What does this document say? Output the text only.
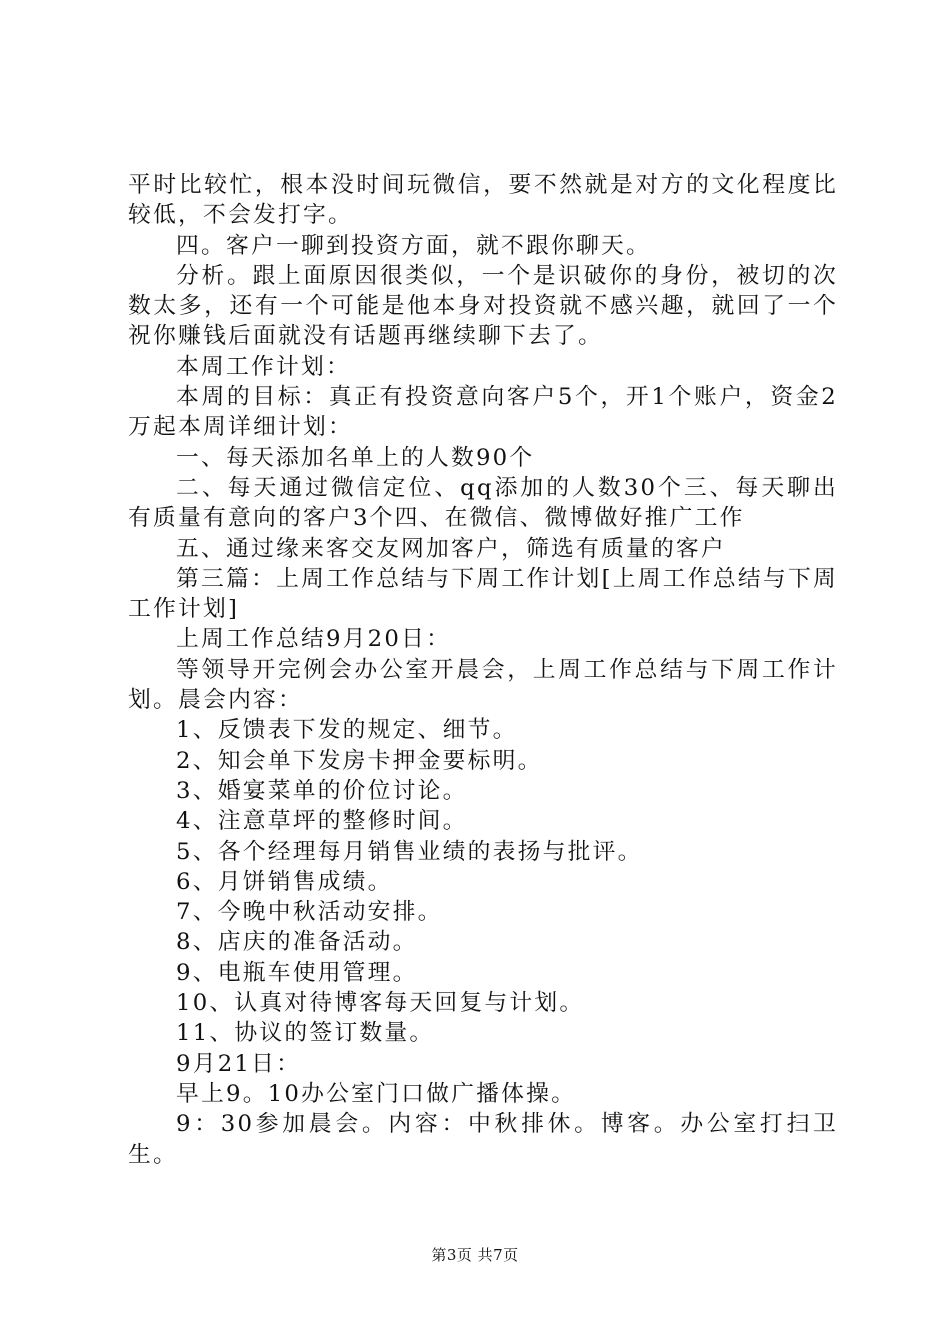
平时比较忙，根本没时间玩微信，要不然就是对方的文化程度比较低，不会发打字。

四。客户一聊到投资方面，就不跟你聊天。

分析。跟上面原因很类似，一个是识破你的身份，被切的次数太多，还有一个可能是他本身对投资就不感兴趣，就回了一个祝你赚钱后面就没有话题再继续聊下去了。

本周工作计划：

本周的目标：真正有投资意向客户5个，开1个账户，资金2万起本周详细计划：

一、每天添加名单上的人数90个

二、每天通过微信定位、qq添加的人数30个三、每天聊出有质量有意向的客户3个四、在微信、微博做好推广工作

五、通过缘来客交友网加客户，筛选有质量的客户

第三篇：上周工作总结与下周工作计划[上周工作总结与下周工作计划]

上周工作总结9月20日：

等领导开完例会办公室开晨会，上周工作总结与下周工作计划。晨会内容：

1、反馈表下发的规定、细节。

2、知会单下发房卡押金要标明。

3、婚宴菜单的价位讨论。

4、注意草坪的整修时间。

5、各个经理每月销售业绩的表扬与批评。

6、月饼销售成绩。

7、今晚中秋活动安排。

8、店庆的准备活动。

9、电瓶车使用管理。

10、认真对待博客每天回复与计划。

11、协议的签订数量。

9月21日：

早上9。10办公室门口做广播体操。

9：30参加晨会。内容：中秋排休。博客。办公室打扫卫生。

第3页 共7页
